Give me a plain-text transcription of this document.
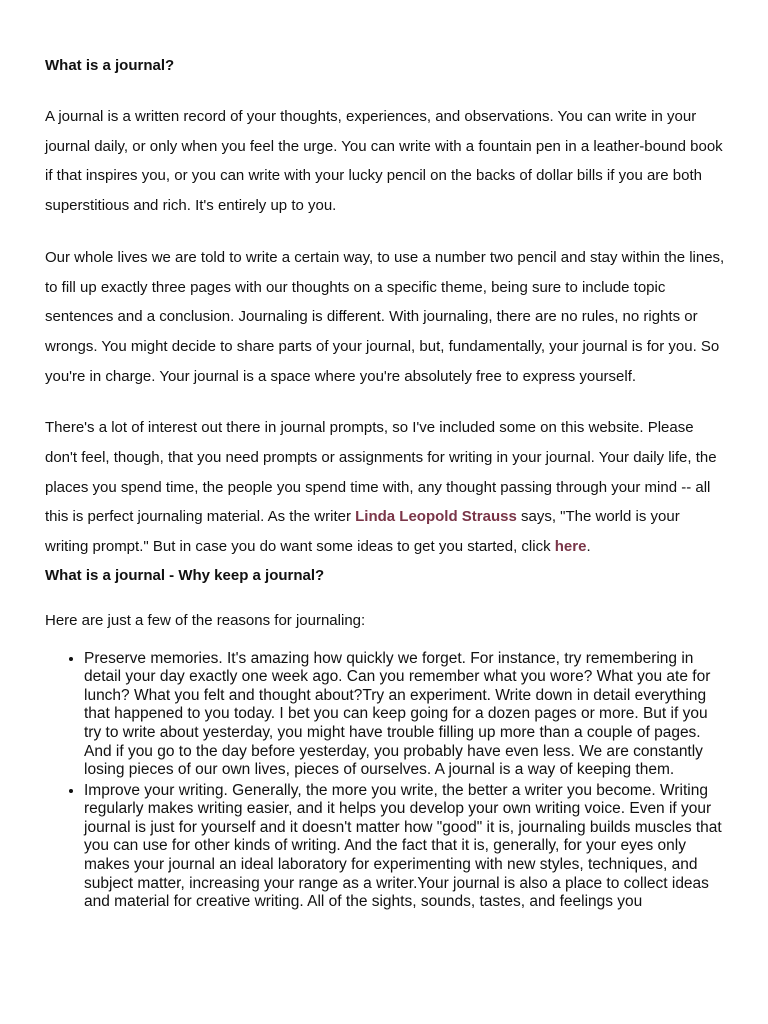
What is a journal?

A journal is a written record of your thoughts, experiences, and observations. You can write in your journal daily, or only when you feel the urge. You can write with a fountain pen in a leather-bound book if that inspires you, or you can write with your lucky pencil on the backs of dollar bills if you are both superstitious and rich. It's entirely up to you.

Our whole lives we are told to write a certain way, to use a number two pencil and stay within the lines, to fill up exactly three pages with our thoughts on a specific theme, being sure to include topic sentences and a conclusion. Journaling is different. With journaling, there are no rules, no rights or wrongs. You might decide to share parts of your journal, but, fundamentally, your journal is for you. So you're in charge. Your journal is a space where you're absolutely free to express yourself.

There's a lot of interest out there in journal prompts, so I've included some on this website. Please don't feel, though, that you need prompts or assignments for writing in your journal. Your daily life, the places you spend time, the people you spend time with, any thought passing through your mind -- all this is perfect journaling material. As the writer Linda Leopold Strauss says, "The world is your writing prompt." But in case you do want some ideas to get you started, click here.

What is a journal - Why keep a journal?

Here are just a few of the reasons for journaling:

• Preserve memories. It's amazing how quickly we forget. For instance, try remembering in detail your day exactly one week ago. Can you remember what you wore? What you ate for lunch? What you felt and thought about?Try an experiment. Write down in detail everything that happened to you today. I bet you can keep going for a dozen pages or more. But if you try to write about yesterday, you might have trouble filling up more than a couple of pages. And if you go to the day before yesterday, you probably have even less. We are constantly losing pieces of our own lives, pieces of ourselves. A journal is a way of keeping them.
• Improve your writing. Generally, the more you write, the better a writer you become. Writing regularly makes writing easier, and it helps you develop your own writing voice. Even if your journal is just for yourself and it doesn't matter how "good" it is, journaling builds muscles that you can use for other kinds of writing. And the fact that it is, generally, for your eyes only makes your journal an ideal laboratory for experimenting with new styles, techniques, and subject matter, increasing your range as a writer.Your journal is also a place to collect ideas and material for creative writing. All of the sights, sounds, tastes, and feelings you
